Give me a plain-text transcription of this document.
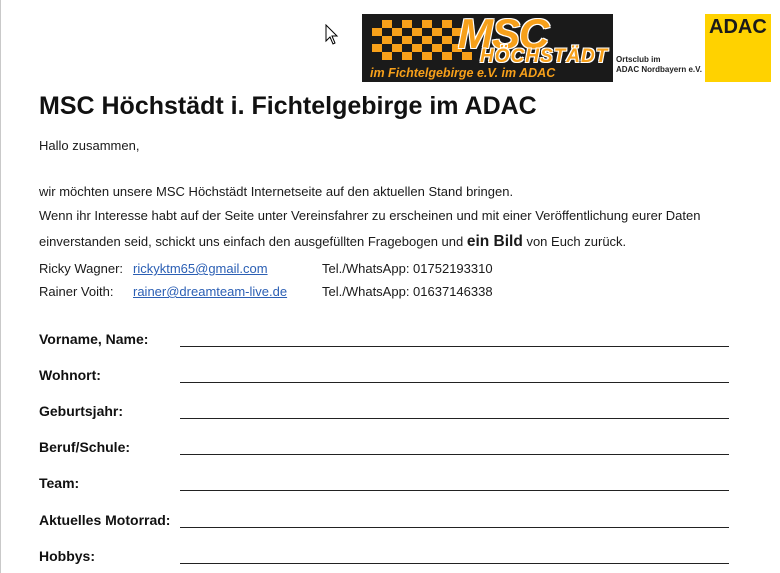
MSC
HÖCHSTÄDT
im Fichtelgebirge e.V. im ADAC
Ortsclub im
ADAC Nordbayern e.V.
ADAC
MSC Höchstädt i. Fichtelgebirge im ADAC
Hallo zusammen,
wir möchten unsere MSC Höchstädt Internetseite auf den aktuellen Stand bringen.
Wenn ihr Interesse habt auf der Seite unter Vereinsfahrer zu erscheinen und mit einer Veröffentlichung eurer Daten
einverstanden seid, schickt uns einfach den ausgefüllten Fragebogen und ein Bild von Euch zurück.
Ricky Wagner: rickyktm65@gmail.com	Tel./WhatsApp: 01752193310
Rainer Voith: rainer@dreamteam-live.de	Tel./WhatsApp: 01637146338
Vorname, Name:
Wohnort:
Geburtsjahr:
Beruf/Schule:
Team:
Aktuelles Motorrad:
Hobbys:
